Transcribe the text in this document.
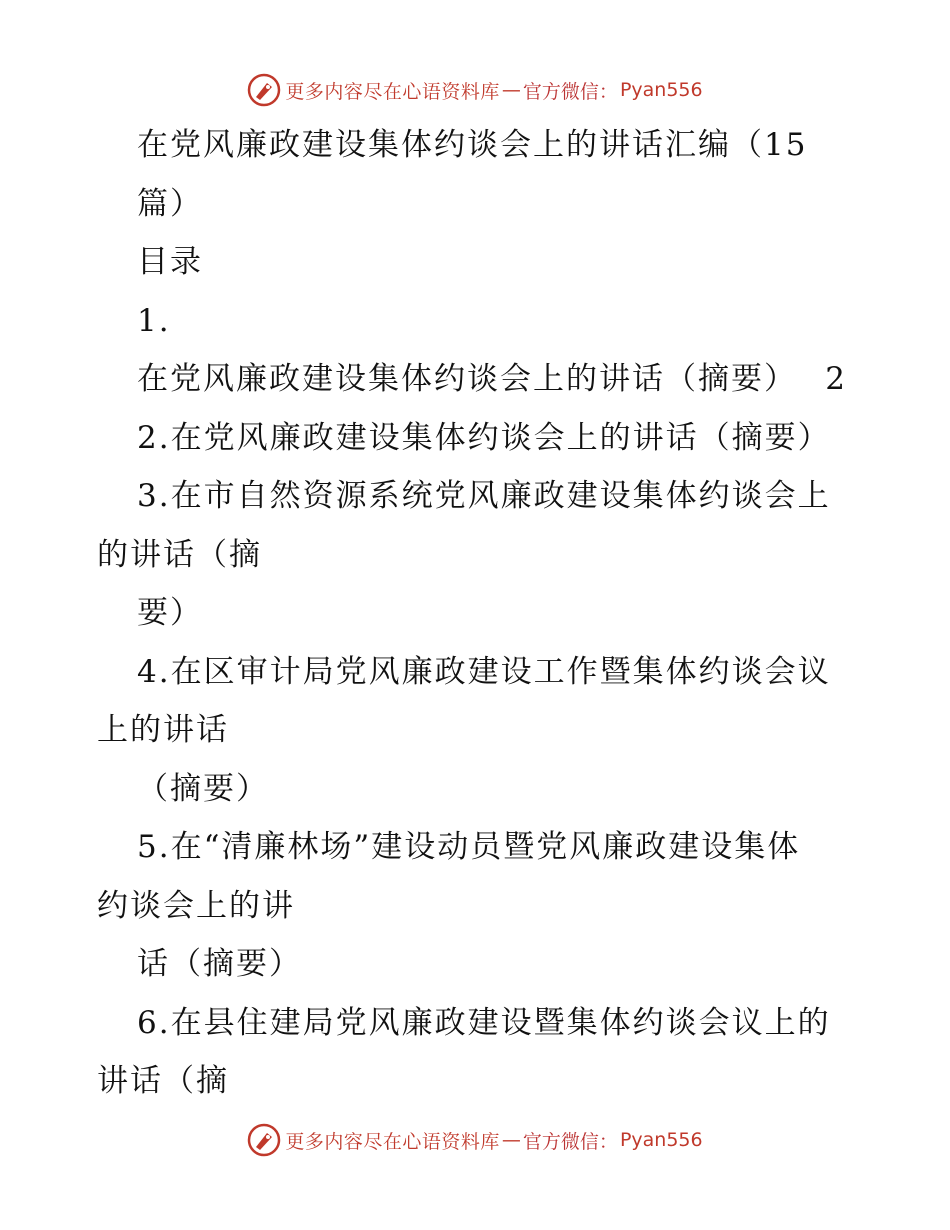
更多内容尽在心语资料库 — 官方微信： Pyan556
在党风廉政建设集体约谈会上的讲话汇编（15
篇）
目录
1.
在党风廉政建设集体约谈会上的讲话（摘要） 2
2.在党风廉政建设集体约谈会上的讲话（摘要）
3.在市自然资源系统党风廉政建设集体约谈会上
的讲话（摘
要）
4.在区审计局党风廉政建设工作暨集体约谈会议
上的讲话
（摘要）
5.在“清廉林场”建设动员暨党风廉政建设集体
约谈会上的讲
话（摘要）
6.在县住建局党风廉政建设暨集体约谈会议上的
讲话（摘
更多内容尽在心语资料库 — 官方微信： Pyan556
